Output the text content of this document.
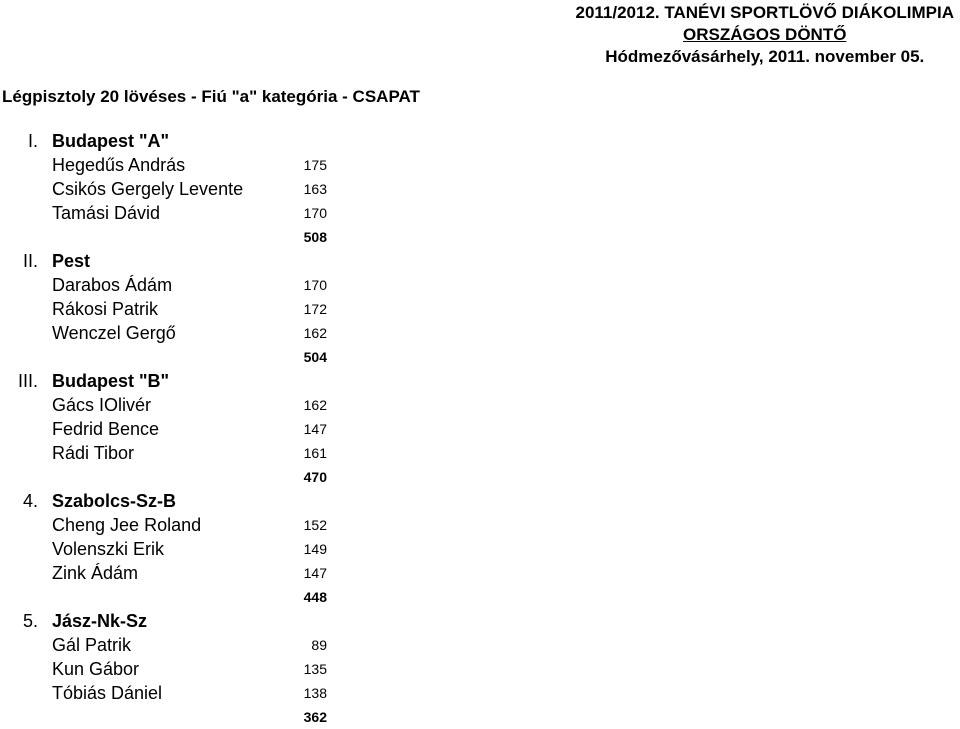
2011/2012. TANÉVI SPORTLÖVŐ DIÁKOLIMPIA
ORSZÁGOS DÖNTŐ
Hódmezővásárhely, 2011. november 05.
Légpisztoly 20 lövéses - Fiú "a" kategória - CSAPAT
I. Budapest "A"
Hegedűs András	175
Csikós Gergely Levente	163
Tamási Dávid	170
508
II. Pest
Darabos Ádám	170
Rákosi Patrik	172
Wenczel Gergő	162
504
III. Budapest "B"
Gács IOlivér	162
Fedrid Bence	147
Rádi Tibor	161
470
4. Szabolcs-Sz-B
Cheng Jee Roland	152
Volenszki Erik	149
Zink Ádám	147
448
5. Jász-Nk-Sz
Gál Patrik	89
Kun Gábor	135
Tóbiás Dániel	138
362
